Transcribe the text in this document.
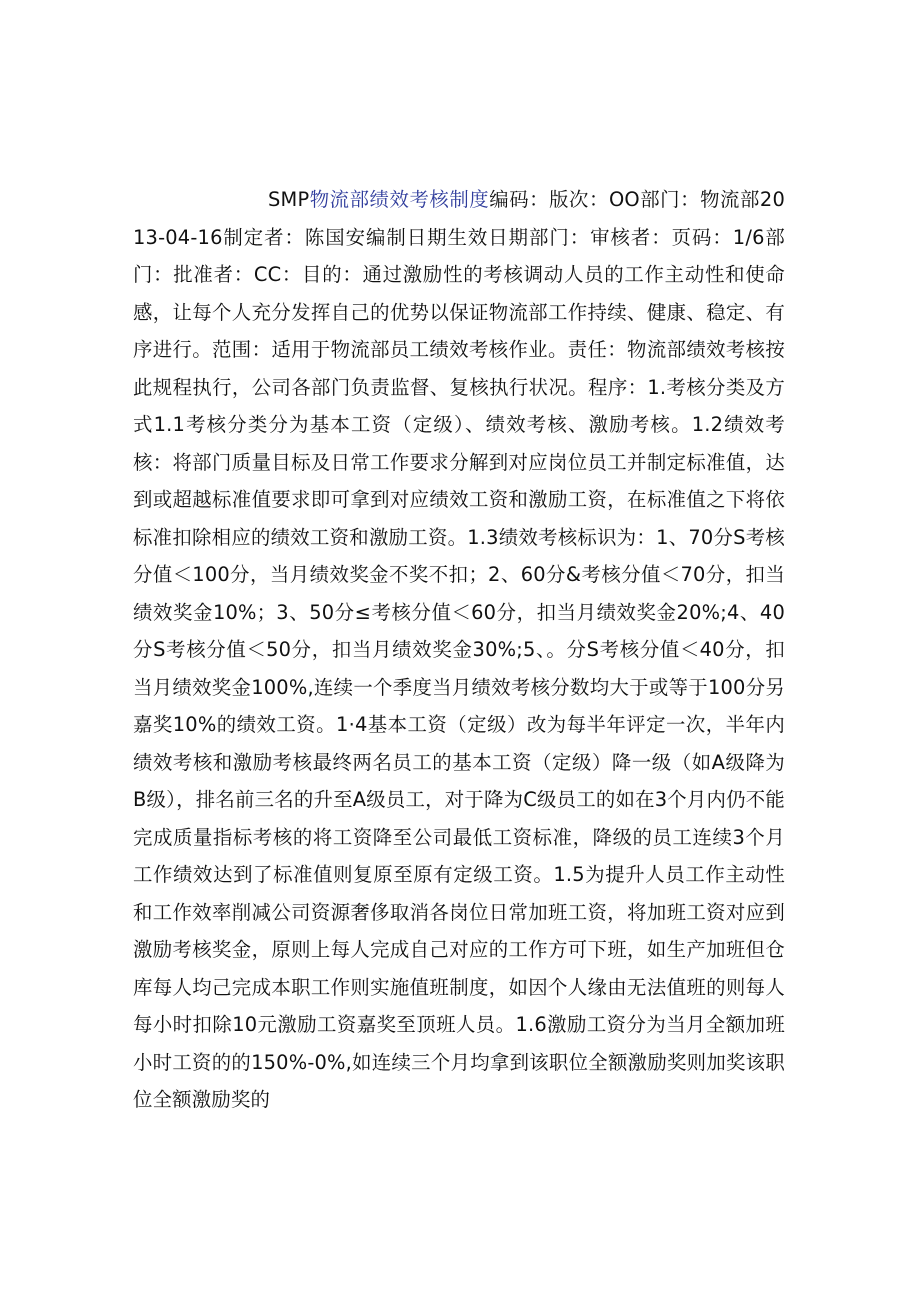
SMP物流部绩效考核制度编码：版次：OO部门：物流部2013-04-16制定者：陈国安编制日期生效日期部门：审核者：页码：1/6部门：批准者：CC：目的：通过激励性的考核调动人员的工作主动性和使命感，让每个人充分发挥自己的优势以保证物流部工作持续、健康、稳定、有序进行。范围：适用于物流部员工绩效考核作业。责任：物流部绩效考核按此规程执行，公司各部门负责监督、复核执行状况。程序：1.考核分类及方式1.1考核分类分为基本工资（定级）、绩效考核、激励考核。1.2绩效考核：将部门质量目标及日常工作要求分解到对应岗位员工并制定标准值，达到或超越标准值要求即可拿到对应绩效工资和激励工资，在标准值之下将依标准扣除相应的绩效工资和激励工资。1.3绩效考核标识为：1、70分S考核分值＜100分，当月绩效奖金不奖不扣；2、60分&考核分值＜70分，扣当绩效奖金10%；3、50分≤考核分值＜60分，扣当月绩效奖金20%;4、40分S考核分值＜50分，扣当月绩效奖金30%;5、。分S考核分值＜40分，扣当月绩效奖金100%,连续一个季度当月绩效考核分数均大于或等于100分另嘉奖10%的绩效工资。1·4基本工资（定级）改为每半年评定一次，半年内绩效考核和激励考核最终两名员工的基本工资（定级）降一级（如A级降为B级），排名前三名的升至A级员工，对于降为C级员工的如在3个月内仍不能完成质量指标考核的将工资降至公司最低工资标准，降级的员工连续3个月工作绩效达到了标准值则复原至原有定级工资。1.5为提升人员工作主动性和工作效率削减公司资源奢侈取消各岗位日常加班工资，将加班工资对应到激励考核奖金，原则上每人完成自己对应的工作方可下班，如生产加班但仓库每人均己完成本职工作则实施值班制度，如因个人缘由无法值班的则每人每小时扣除10元激励工资嘉奖至顶班人员。1.6激励工资分为当月全额加班小时工资的的150%-0%,如连续三个月均拿到该职位全额激励奖则加奖该职位全额激励奖的
